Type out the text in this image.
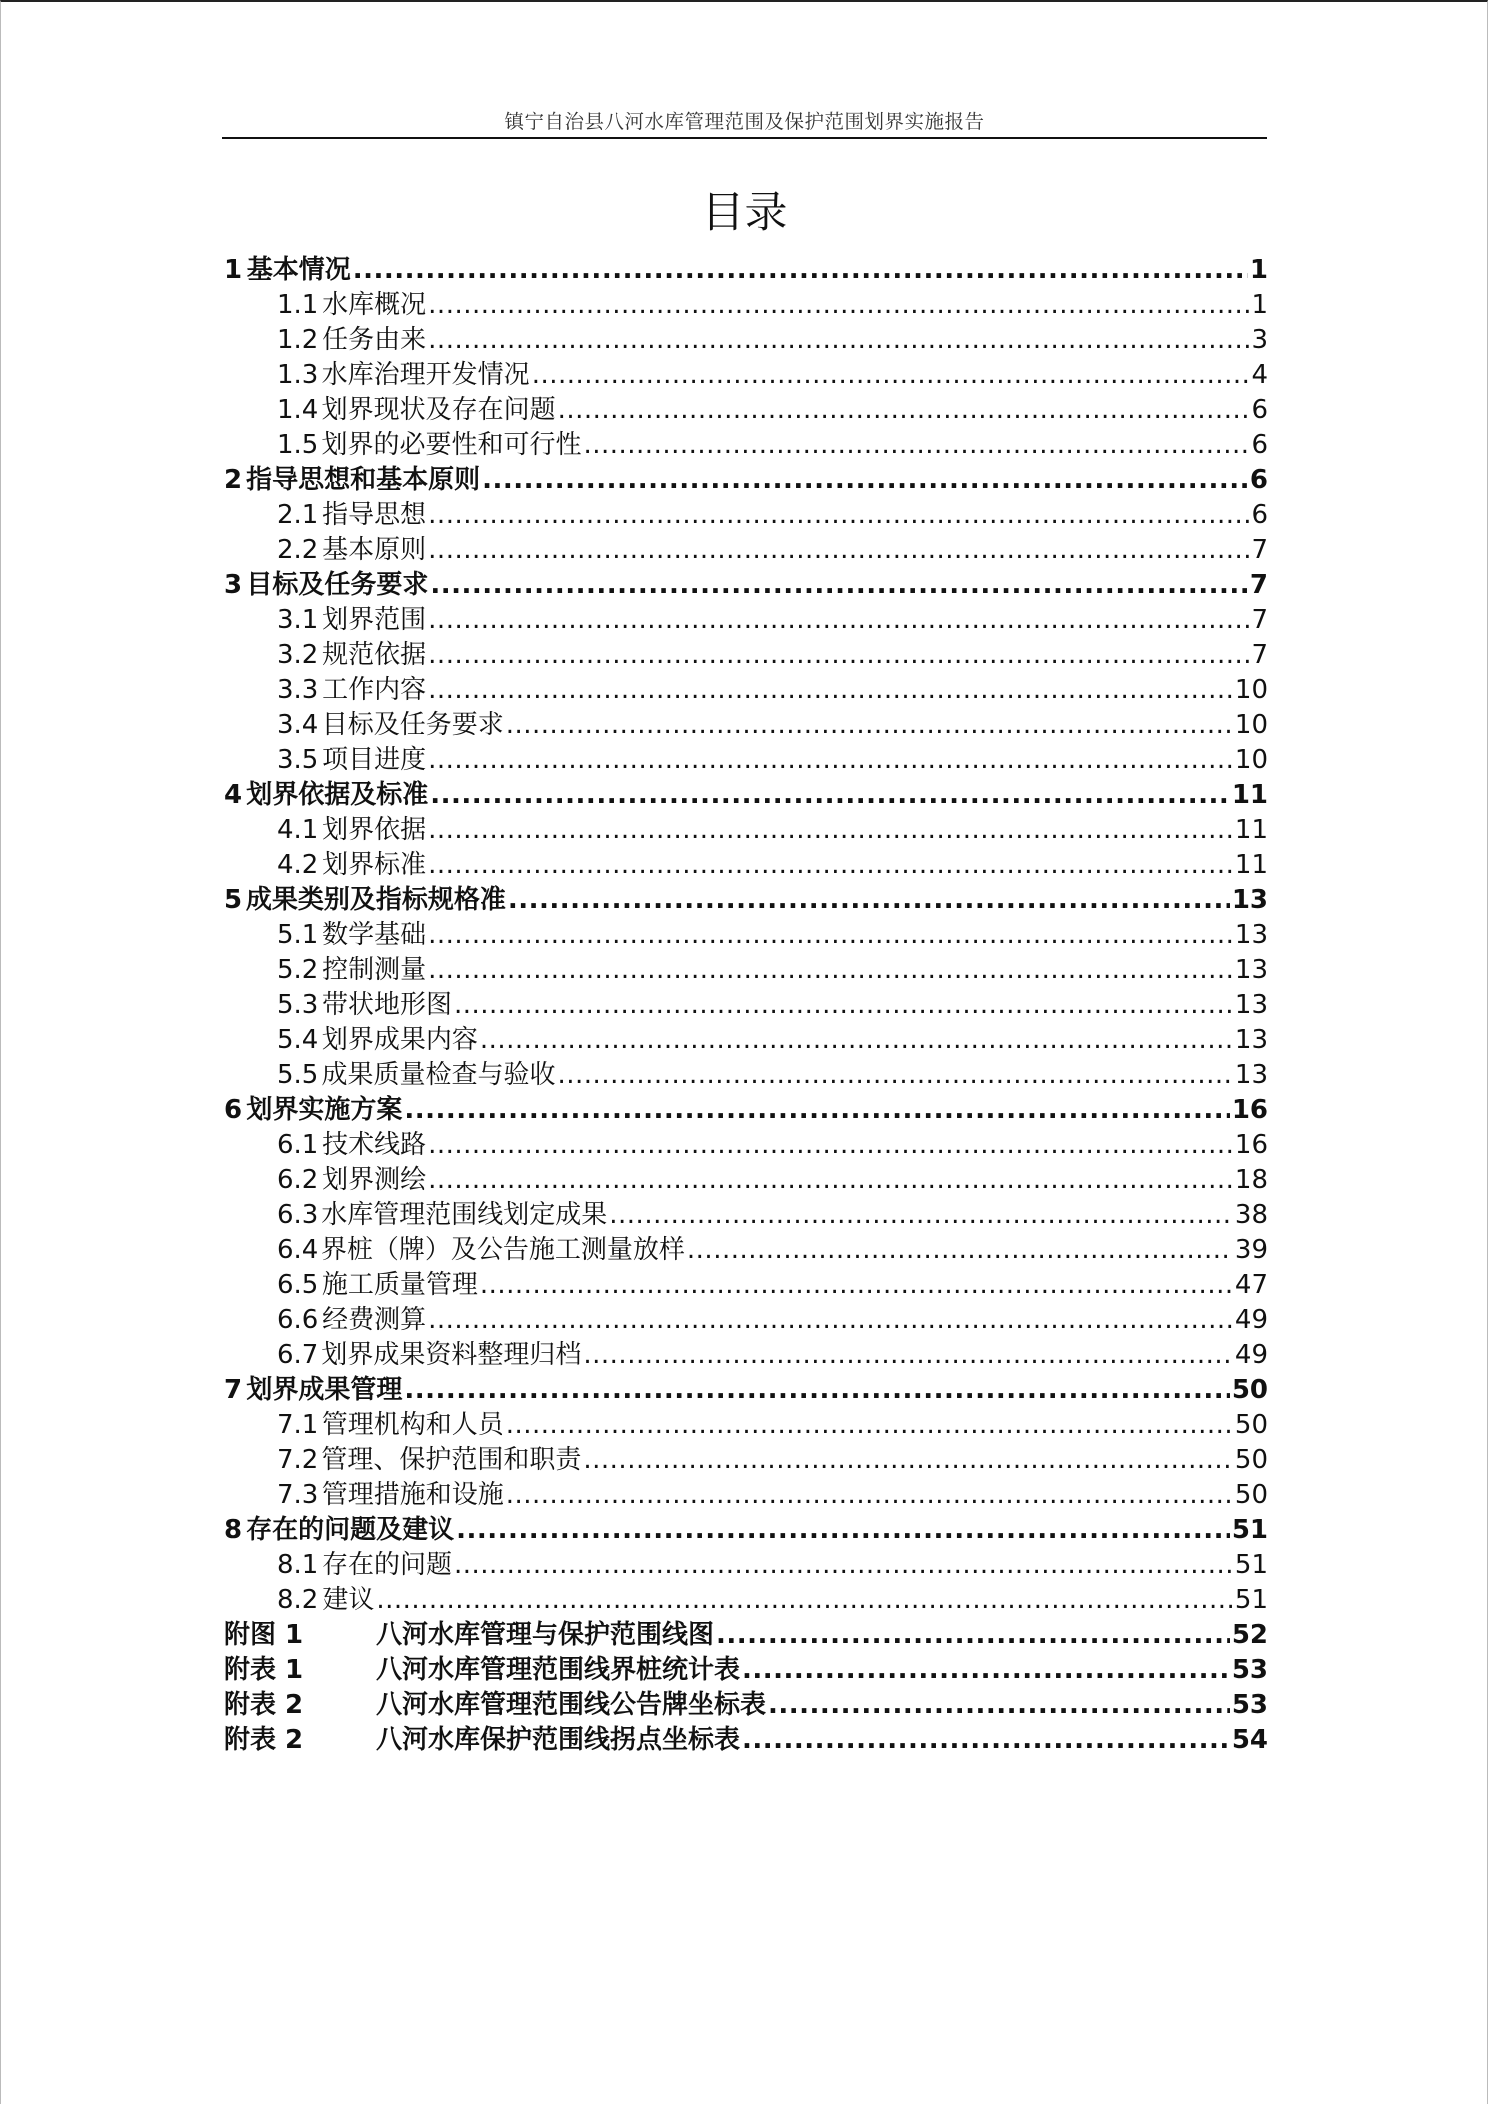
镇宁自治县八河水库管理范围及保护范围划界实施报告
目录
1 基本情况 .....	1
1.1 水库概况 .....	1
1.2 任务由来 .....	3
1.3 水库治理开发情况 .....	4
1.4 划界现状及存在问题 .....	6
1.5 划界的必要性和可行性 .....	6
2 指导思想和基本原则 .....	6
2.1 指导思想 .....	6
2.2 基本原则 .....	7
3 目标及任务要求 .....	7
3.1 划界范围 .....	7
3.2 规范依据 .....	7
3.3 工作内容 .....	10
3.4 目标及任务要求 .....	10
3.5 项目进度 .....	10
4 划界依据及标准 .....	11
4.1 划界依据 .....	11
4.2 划界标准 .....	11
5 成果类别及指标规格准 .....	13
5.1 数学基础 .....	13
5.2 控制测量 .....	13
5.3 带状地形图 .....	13
5.4 划界成果内容 .....	13
5.5 成果质量检查与验收 .....	13
6 划界实施方案 .....	16
6.1 技术线路 .....	16
6.2 划界测绘 .....	18
6.3 水库管理范围线划定成果 .....	38
6.4 界桩（牌）及公告施工测量放样 .....	39
6.5 施工质量管理 .....	47
6.6 经费测算 .....	49
6.7 划界成果资料整理归档 .....	49
7 划界成果管理 .....	50
7.1 管理机构和人员 .....	50
7.2 管理、保护范围和职责 .....	50
7.3 管理措施和设施 .....	50
8 存在的问题及建议 .....	51
8.1 存在的问题 .....	51
8.2 建议 .....	51
附图 1	八河水库管理与保护范围线图 .....	52
附表 1	八河水库管理范围线界桩统计表 .....	53
附表 2	八河水库管理范围线公告牌坐标表 .....	53
附表 2	八河水库保护范围线拐点坐标表 .....	54
